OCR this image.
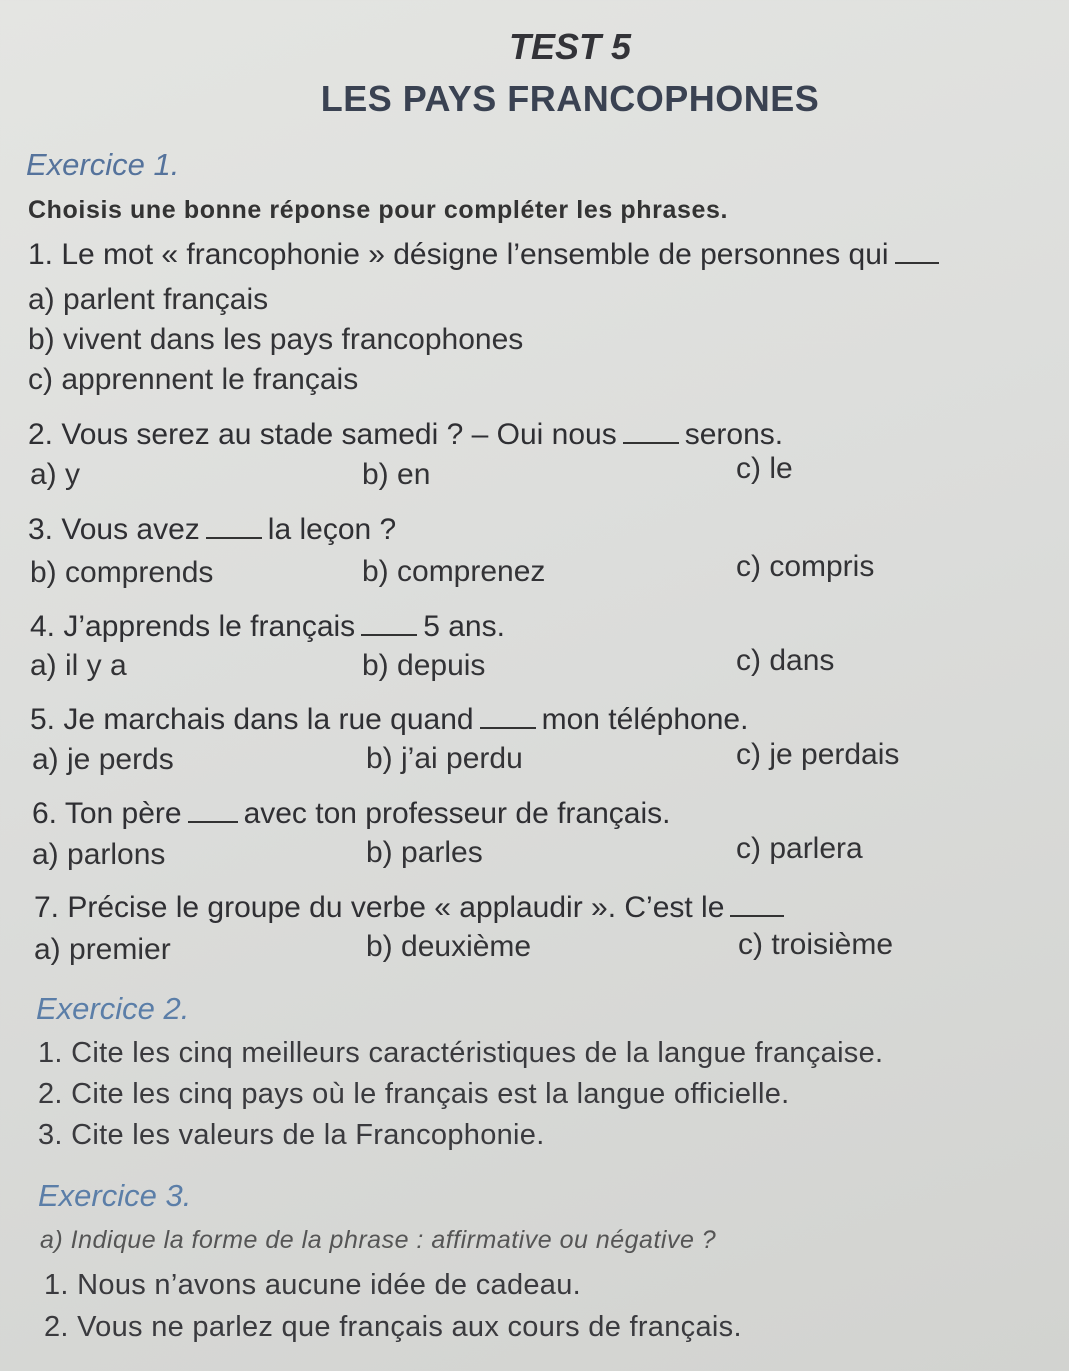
TEST 5
LES PAYS FRANCOPHONES
Exercice 1.
Choisis une bonne réponse pour compléter les phrases.
1. Le mot « francophonie » désigne l’ensemble de personnes qui
a) parlent français
b) vivent dans les pays francophones
c) apprennent le français
2. Vous serez au stade samedi ? – Oui nous serons.
a) y	b) en	c) le
3. Vous avez la leçon ?
b) comprends	b) comprenez	c) compris
4. J’apprends le français 5 ans.
a) il y a	b) depuis	c) dans
5. Je marchais dans la rue quand mon téléphone.
a) je perds	b) j’ai perdu	c) je perdais
6. Ton père avec ton professeur de français.
a) parlons	b) parles	c) parlera
7. Précise le groupe du verbe « applaudir ». C’est le
a) premier	b) deuxième	c) troisième
Exercice 2.
1. Cite les cinq meilleurs caractéristiques de la langue française.
2. Cite les cinq pays où le français est la langue officielle.
3. Cite les valeurs de la Francophonie.
Exercice 3.
a) Indique la forme de la phrase : affirmative ou négative ?
1. Nous n’avons aucune idée de cadeau.
2. Vous ne parlez que français aux cours de français.
